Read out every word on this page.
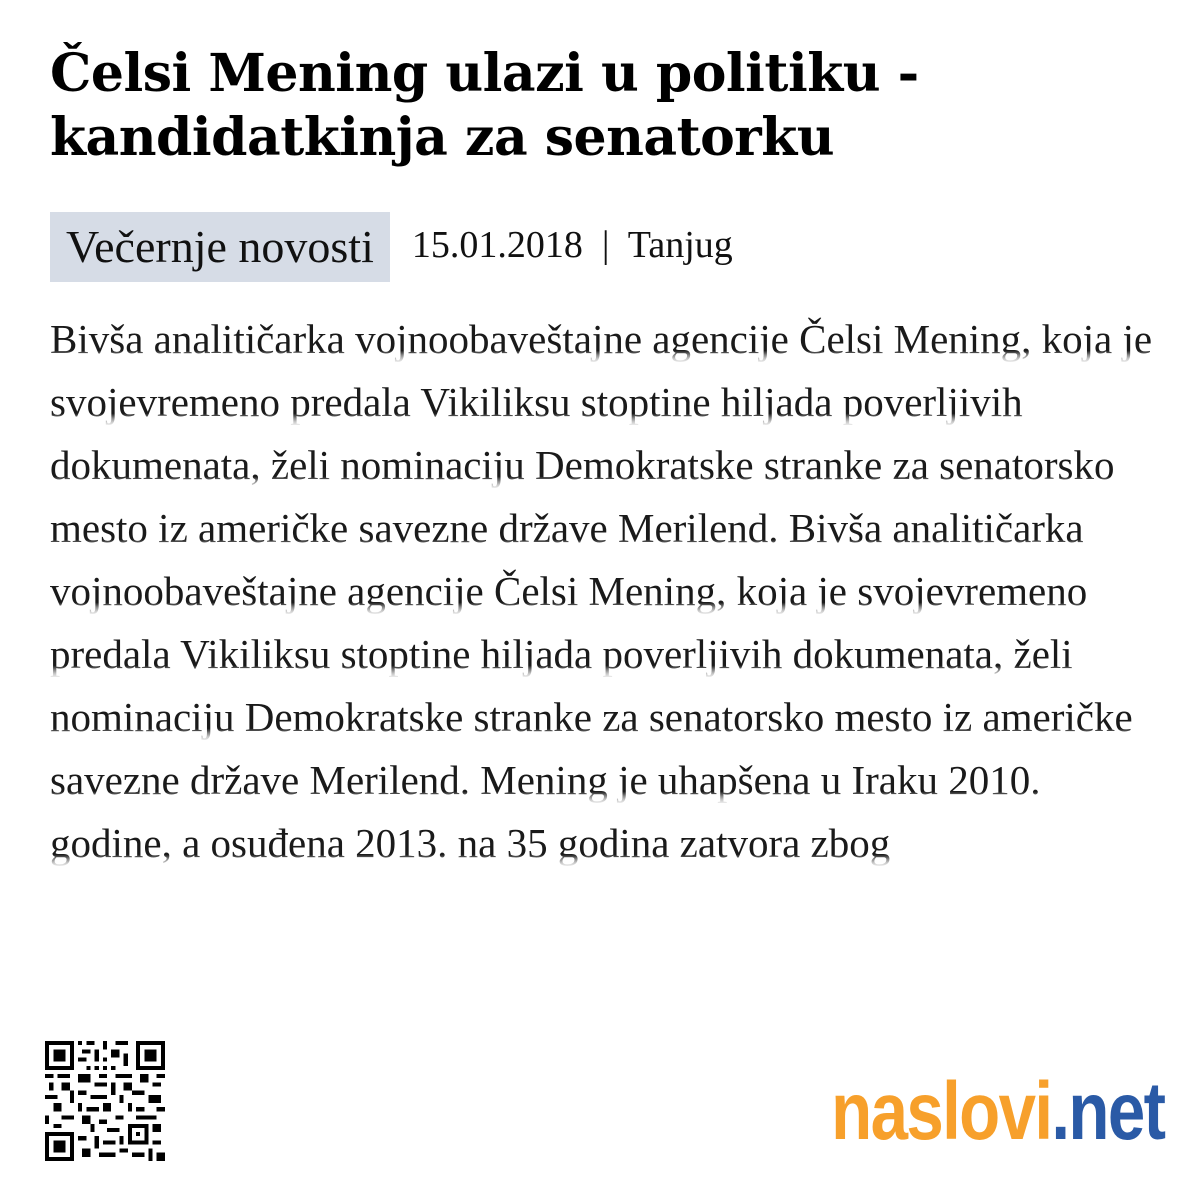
Čelsi Mening ulazi u politiku - kandidatkinja za senatorku
Večernje novosti	15.01.2018 | Tanjug

Bivša analitičarka vojnoobaveštajne agencije Čelsi Mening, koja je svojevremeno predala Vikiliksu stoptine hiljada poverljivih dokumenata, želi nominaciju Demokratske stranke za senatorsko mesto iz američke savezne države Merilend. Bivša analitičarka vojnoobaveštajne agencije Čelsi Mening, koja je svojevremeno predala Vikiliksu stoptine hiljada poverljivih dokumenata, želi nominaciju Demokratske stranke za senatorsko mesto iz američke savezne države Merilend. Mening je uhapšena u Iraku 2010. godine, a osuđena 2013. na 35 godina zatvora zbog

naslovi.net
